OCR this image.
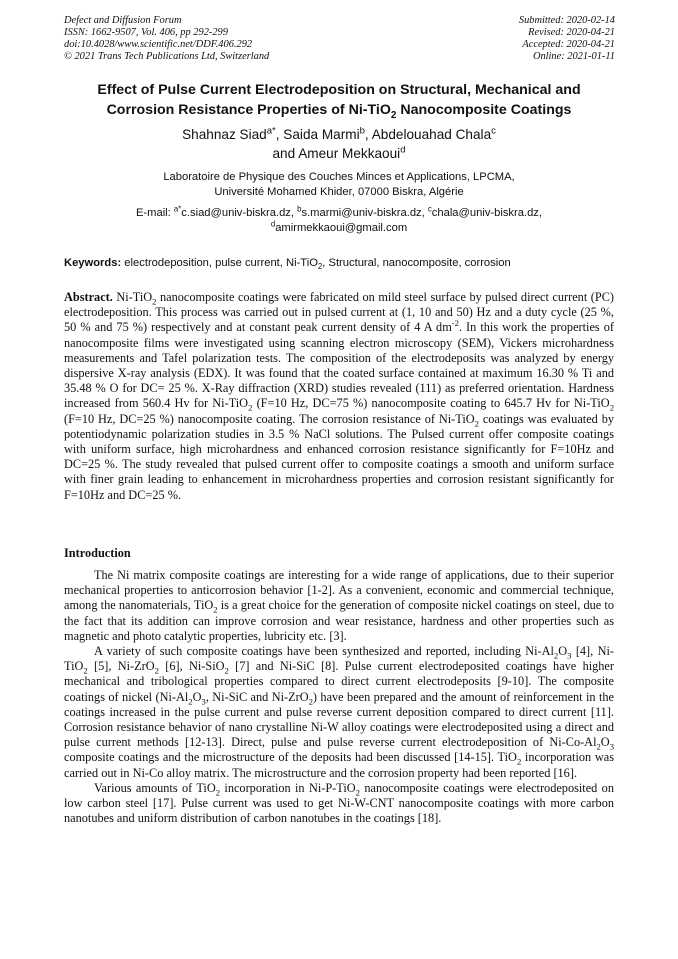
Defect and Diffusion Forum
ISSN: 1662-9507, Vol. 406, pp 292-299
doi:10.4028/www.scientific.net/DDF.406.292
© 2021 Trans Tech Publications Ltd, Switzerland
Submitted: 2020-02-14
Revised: 2020-04-21
Accepted: 2020-04-21
Online: 2021-01-11
Effect of Pulse Current Electrodeposition on Structural, Mechanical and
Corrosion Resistance Properties of Ni-TiO$_2$ Nanocomposite Coatings
Shahnaz Siad$^{a*}$, Saida Marmi$^b$, Abdelouahad Chala$^c$
and Ameur Mekkaoui$^d$
Laboratoire de Physique des Couches Minces et Applications, LPCMA,
Université Mohamed Khider, 07000 Biskra, Algérie
E-mail: $^{a*}$c.siad@univ-biskra.dz, $^b$s.marmi@univ-biskra.dz, $^c$chala@univ-biskra.dz,
$^d$amirmekkaoui@gmail.com
Keywords: electrodeposition, pulse current, Ni-TiO$_2$, Structural, nanocomposite, corrosion
Abstract. Ni-TiO$_2$ nanocomposite coatings were fabricated on mild steel surface by pulsed direct current (PC) electrodeposition. This process was carried out in pulsed current at (1, 10 and 50) Hz and a duty cycle (25 %, 50 % and 75 %) respectively and at constant peak current density of 4 A $dm^{-2}$. In this work the properties of nanocomposite films were investigated using scanning electron microscopy (SEM), Vickers microhardness measurements and Tafel polarization tests. The composition of the electrodeposits was analyzed by energy dispersive X-ray analysis (EDX). It was found that the coated surface contained at maximum 16.30 % Ti and 35.48 % O for DC= 25 %. X-Ray diffraction (XRD) studies revealed (111) as preferred orientation. Hardness increased from 560.4 Hv for Ni-TiO$_2$ (F=10 Hz, DC=75 %) nanocomposite coating to 645.7 Hv for Ni-TiO$_2$ (F=10 Hz, DC=25 %) nanocomposite coating. The corrosion resistance of Ni-TiO$_2$ coatings was evaluated by potentiodynamic polarization studies in 3.5 % NaCl solutions. The Pulsed current offer composite coatings with uniform surface, high microhardness and enhanced corrosion resistance significantly for F=10Hz and DC=25 %. The study revealed that pulsed current offer to composite coatings a smooth and uniform surface with finer grain leading to enhancement in microhardness properties and corrosion resistant significantly for F=10Hz and DC=25 %.
Introduction

The Ni matrix composite coatings are interesting for a wide range of applications, due to their superior mechanical properties to anticorrosion behavior [1-2]. As a convenient, economic and commercial technique, among the nanomaterials, TiO$_2$ is a great choice for the generation of composite nickel coatings on steel, due to the fact that its addition can improve corrosion and wear resistance, hardness and other properties such as magnetic and photo catalytic properties, lubricity etc. [3].

A variety of such composite coatings have been synthesized and reported, including $Ni-Al_2O_3$ [4], Ni-TiO$_2$ [5], Ni-ZrO$_2$ [6], Ni-SiO$_2$ [7] and Ni-SiC [8]. Pulse current electrodeposited coatings have higher mechanical and tribological properties compared to direct current electrodeposits [9-10]. The composite coatings of nickel ($Ni-Al_2O_3$, Ni-SiC and Ni-ZrO$_2$) have been prepared and the amount of reinforcement in the coatings increased in the pulse current and pulse reverse current deposition compared to direct current [11]. Corrosion resistance behavior of nano crystalline Ni-W alloy coatings were electrodeposited using a direct and pulse current methods [12-13]. Direct, pulse and pulse reverse current electrodeposition of $Ni-Co-Al_2O_3$ composite coatings and the microstructure of the deposits had been discussed [14-15]. TiO$_2$ incorporation was carried out in Ni-Co alloy matrix. The microstructure and the corrosion property had been reported [16].

Various amounts of TiO$_2$ incorporation in Ni-P-TiO$_2$ nanocomposite coatings were electrodeposited on low carbon steel [17]. Pulse current was used to get Ni-W-CNT nanocomposite coatings with more carbon nanotubes and uniform distribution of carbon nanotubes in the coatings [18].
